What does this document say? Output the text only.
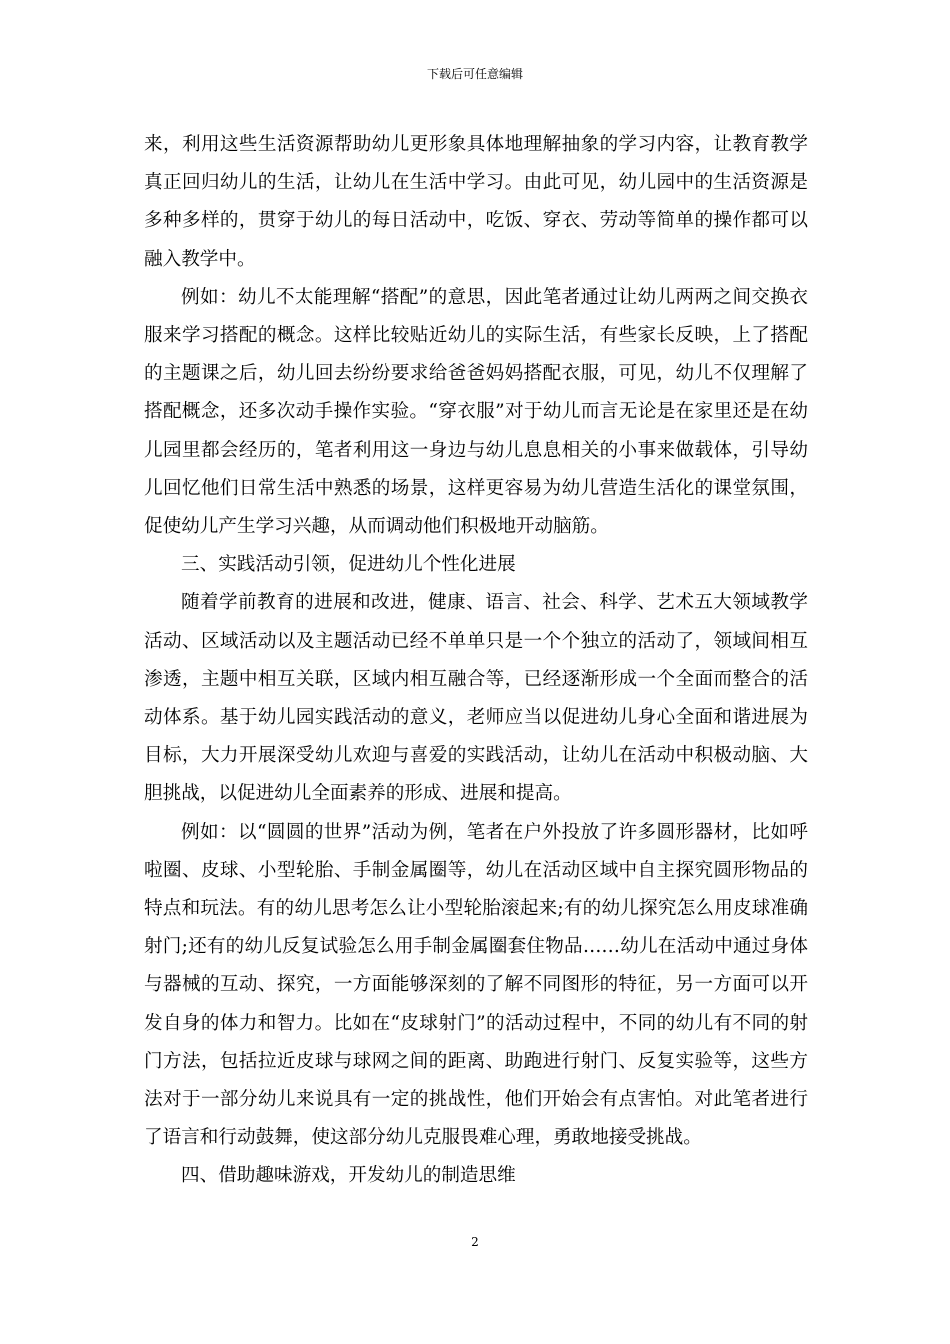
下载后可任意编辑

来，利用这些生活资源帮助幼儿更形象具体地理解抽象的学习内容，让教育教学真正回归幼儿的生活，让幼儿在生活中学习。由此可见，幼儿园中的生活资源是多种多样的，贯穿于幼儿的每日活动中，吃饭、穿衣、劳动等简单的操作都可以融入教学中。

例如：幼儿不太能理解“搭配”的意思，因此笔者通过让幼儿两两之间交换衣服来学习搭配的概念。这样比较贴近幼儿的实际生活，有些家长反映，上了搭配的主题课之后，幼儿回去纷纷要求给爸爸妈妈搭配衣服，可见，幼儿不仅理解了搭配概念，还多次动手操作实验。“穿衣服”对于幼儿而言无论是在家里还是在幼儿园里都会经历的，笔者利用这一身边与幼儿息息相关的小事来做载体，引导幼儿回忆他们日常生活中熟悉的场景，这样更容易为幼儿营造生活化的课堂氛围，促使幼儿产生学习兴趣，从而调动他们积极地开动脑筋。

三、实践活动引领，促进幼儿个性化进展

随着学前教育的进展和改进，健康、语言、社会、科学、艺术五大领域教学活动、区域活动以及主题活动已经不单单只是一个个独立的活动了，领域间相互渗透，主题中相互关联，区域内相互融合等，已经逐渐形成一个全面而整合的活动体系。基于幼儿园实践活动的意义，老师应当以促进幼儿身心全面和谐进展为目标，大力开展深受幼儿欢迎与喜爱的实践活动，让幼儿在活动中积极动脑、大胆挑战，以促进幼儿全面素养的形成、进展和提高。

例如：以“圆圆的世界”活动为例，笔者在户外投放了许多圆形器材，比如呼啦圈、皮球、小型轮胎、手制金属圈等，幼儿在活动区域中自主探究圆形物品的特点和玩法。有的幼儿思考怎么让小型轮胎滚起来;有的幼儿探究怎么用皮球准确射门;还有的幼儿反复试验怎么用手制金属圈套住物品……幼儿在活动中通过身体与器械的互动、探究，一方面能够深刻的了解不同图形的特征，另一方面可以开发自身的体力和智力。比如在“皮球射门”的活动过程中，不同的幼儿有不同的射门方法，包括拉近皮球与球网之间的距离、助跑进行射门、反复实验等，这些方法对于一部分幼儿来说具有一定的挑战性，他们开始会有点害怕。对此笔者进行了语言和行动鼓舞，使这部分幼儿克服畏难心理，勇敢地接受挑战。

四、借助趣味游戏，开发幼儿的制造思维

2
